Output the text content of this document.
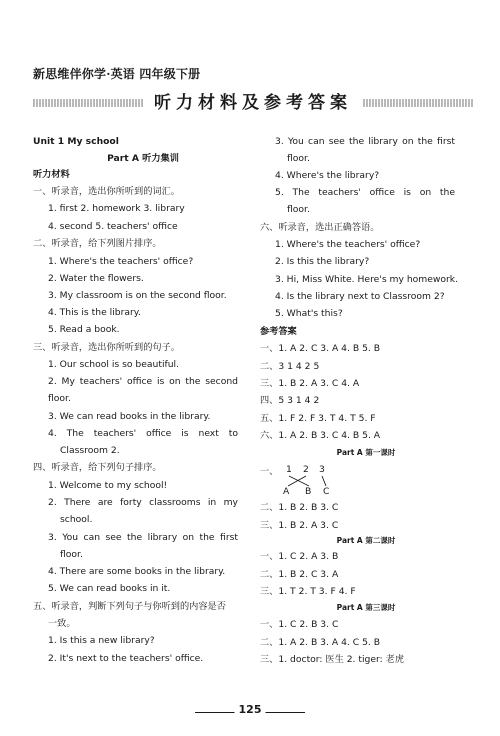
新思维伴你学·英语 四年级下册
听力材料及参考答案
Unit 1 My school
Part A 听力集训
听力材料
一、听录音，选出你所听到的词汇。
1. first 2. homework 3. library
4. second 5. teachers' office
二、听录音，给下列图片排序。
1. Where's the teachers' office?
2. Water the flowers.
3. My classroom is on the second floor.
4. This is the library.
5. Read a book.
三、听录音，选出你所听到的句子。
1. Our school is so beautiful.
2. My teachers' office is on the second
floor.
3. We can read books in the library.
4. The teachers' office is next to
Classroom 2.
四、听录音，给下列句子排序。
1. Welcome to my school!
2. There are forty classrooms in my
school.
3. You can see the library on the first
floor.
4. There are some books in the library.
5. We can read books in it.
五、听录音，判断下列句子与你听到的内容是否
一致。
1. Is this a new library?
2. It's next to the teachers' office.
3. You can see the library on the first
floor.
4. Where's the library?
5. The teachers' office is on the
floor.
六、听录音，选出正确答语。
1. Where's the teachers' office?
2. Is this the library?
3. Hi, Miss White. Here's my homework.
4. Is the library next to Classroom 2?
5. What's this?
参考答案
一、1. A 2. C 3. A 4. B 5. B
二、3 1 4 2 5
三、1. B 2. A 3. C 4. A
四、5 3 1 4 2
五、1. F 2. F 3. T 4. T 5. F
六、1. A 2. B 3. C 4. B 5. A
Part A 第一课时
一、 1 2 3
A B C
二、1. B 2. B 3. C
三、1. B 2. A 3. C
Part A 第二课时
一、1. C 2. A 3. B
二、1. B 2. C 3. A
三、1. T 2. T 3. F 4. F
Part A 第三课时
一、1. C 2. B 3. C
二、1. A 2. B 3. A 4. C 5. B
三、1. doctor: 医生 2. tiger: 老虎
125
